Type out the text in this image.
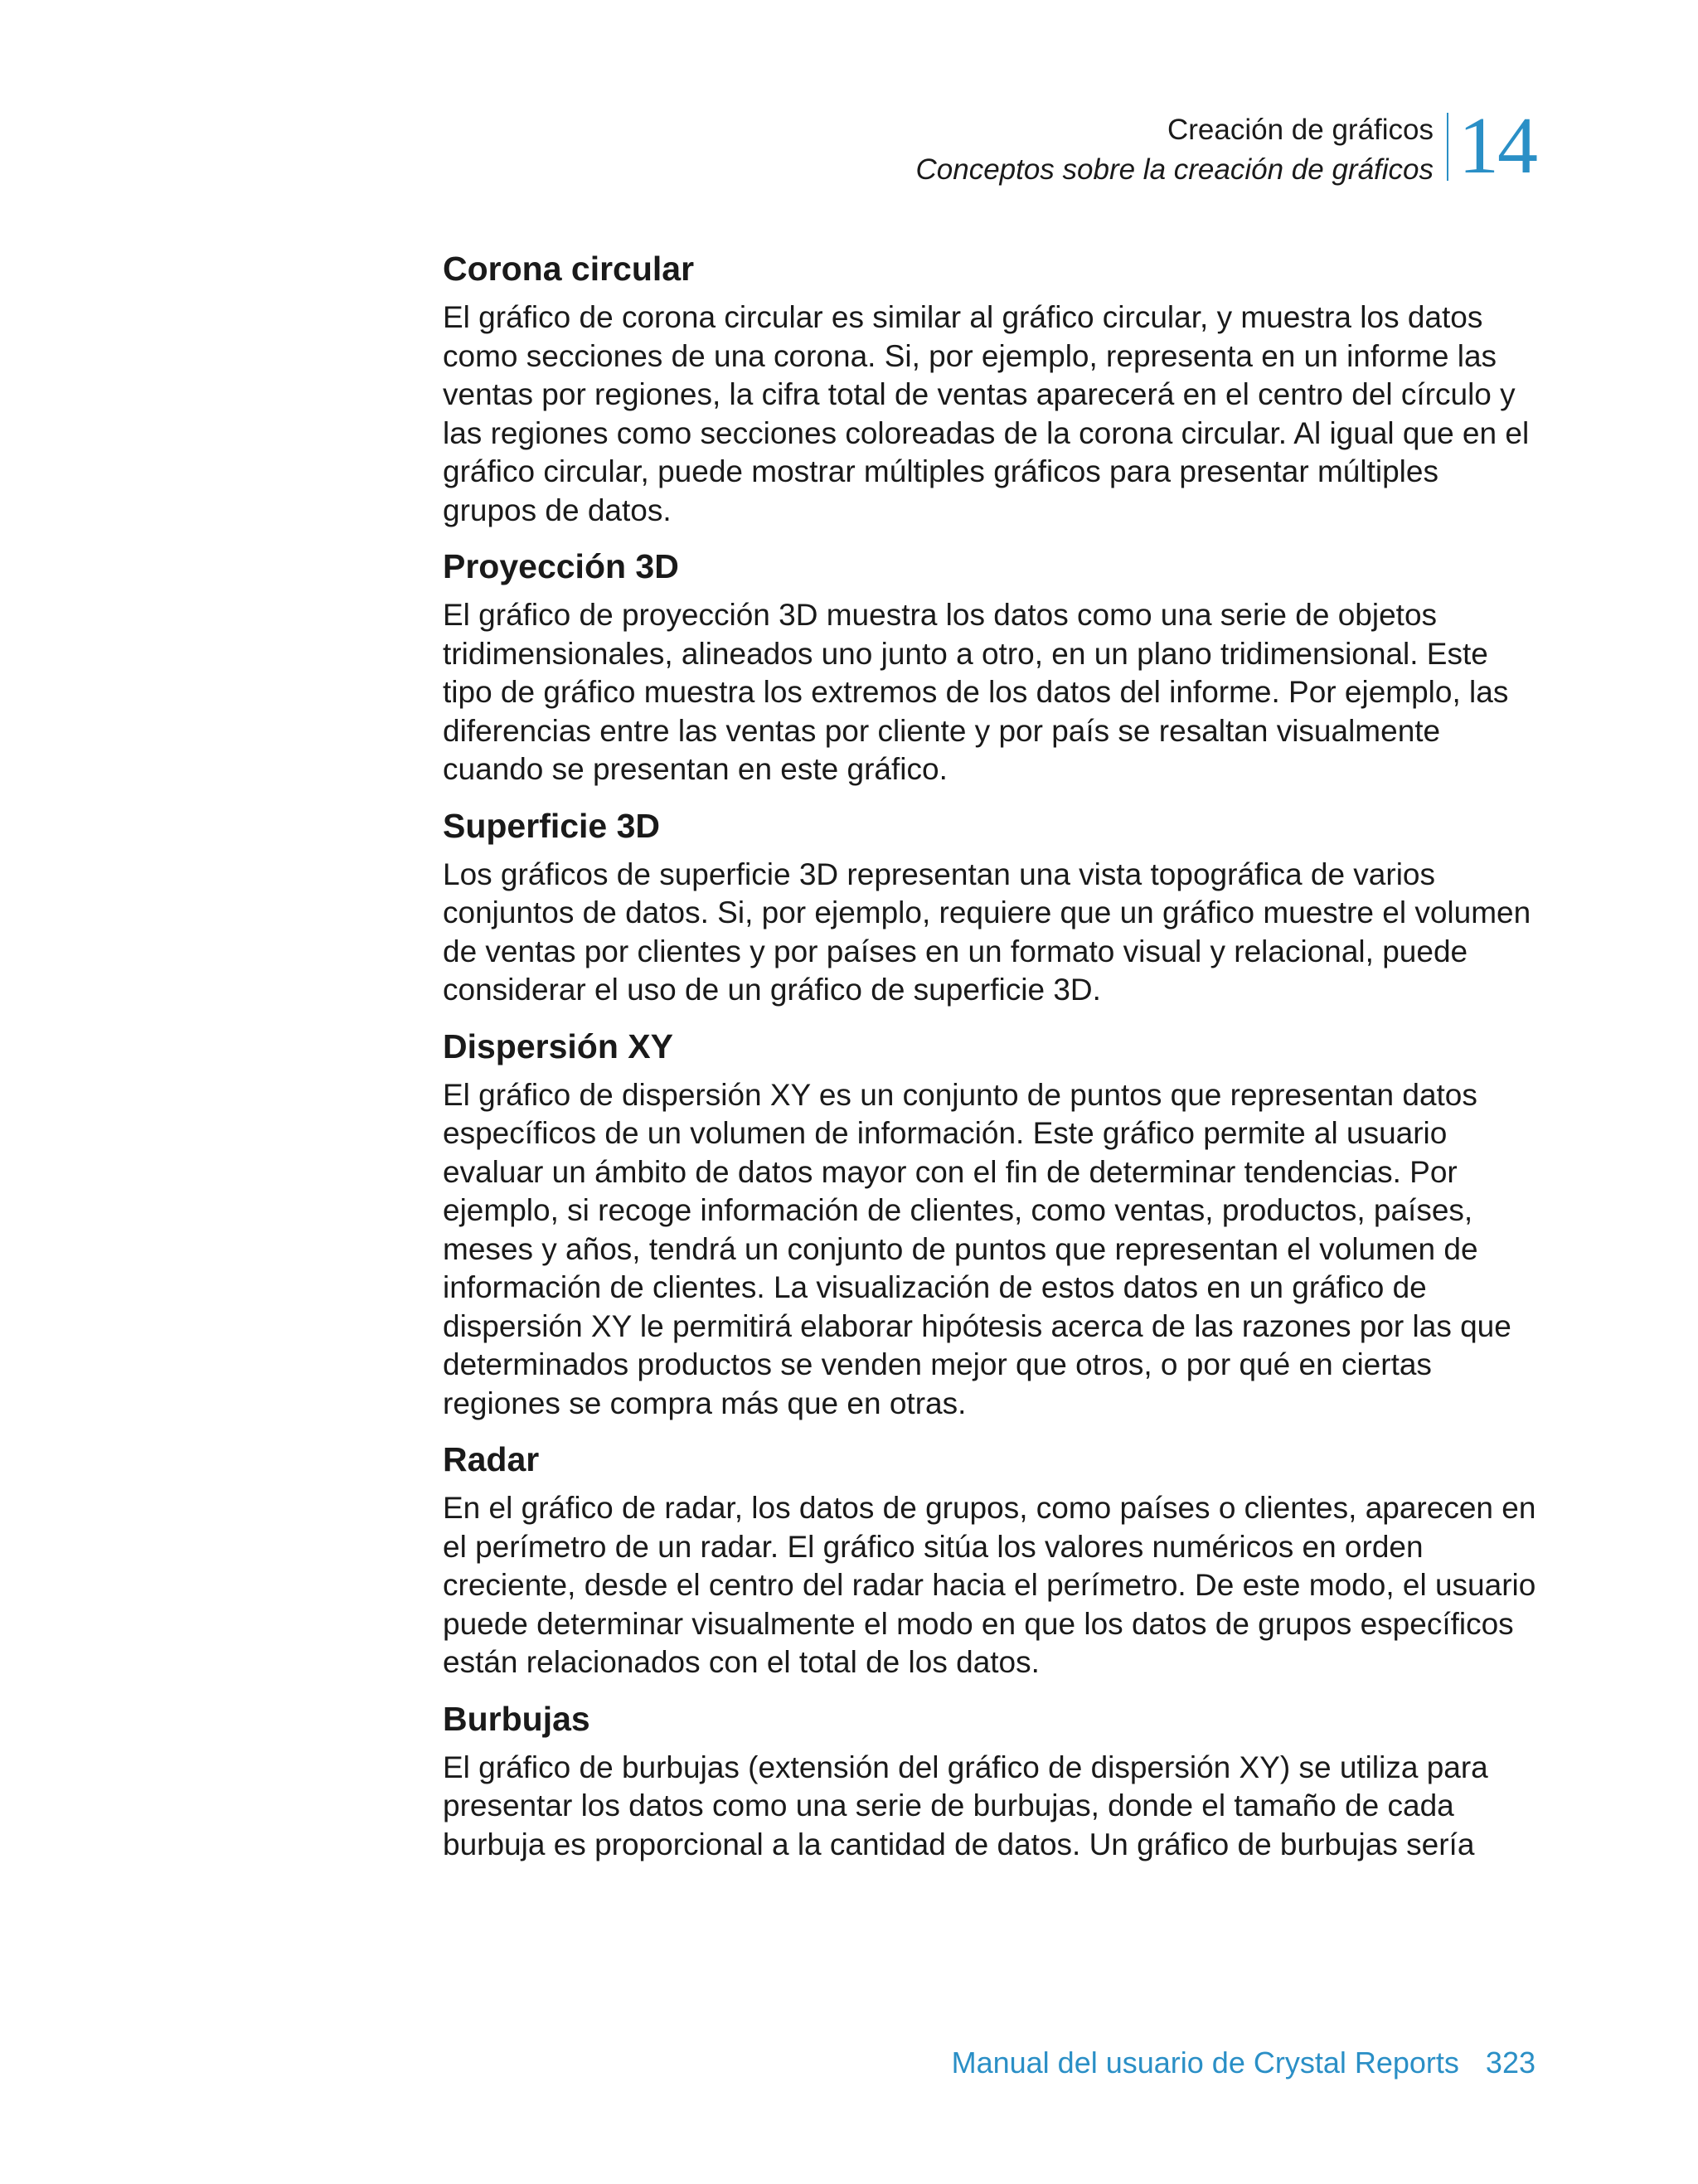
Creación de gráficos
Conceptos sobre la creación de gráficos 14
Corona circular

El gráfico de corona circular es similar al gráfico circular, y muestra los datos como secciones de una corona. Si, por ejemplo, representa en un informe las ventas por regiones, la cifra total de ventas aparecerá en el centro del círculo y las regiones como secciones coloreadas de la corona circular. Al igual que en el gráfico circular, puede mostrar múltiples gráficos para presentar múltiples grupos de datos.

Proyección 3D

El gráfico de proyección 3D muestra los datos como una serie de objetos tridimensionales, alineados uno junto a otro, en un plano tridimensional. Este tipo de gráfico muestra los extremos de los datos del informe. Por ejemplo, las diferencias entre las ventas por cliente y por país se resaltan visualmente cuando se presentan en este gráfico.

Superficie 3D

Los gráficos de superficie 3D representan una vista topográfica de varios conjuntos de datos. Si, por ejemplo, requiere que un gráfico muestre el volumen de ventas por clientes y por países en un formato visual y relacional, puede considerar el uso de un gráfico de superficie 3D.

Dispersión XY

El gráfico de dispersión XY es un conjunto de puntos que representan datos específicos de un volumen de información. Este gráfico permite al usuario evaluar un ámbito de datos mayor con el fin de determinar tendencias. Por ejemplo, si recoge información de clientes, como ventas, productos, países, meses y años, tendrá un conjunto de puntos que representan el volumen de información de clientes. La visualización de estos datos en un gráfico de dispersión XY le permitirá elaborar hipótesis acerca de las razones por las que determinados productos se venden mejor que otros, o por qué en ciertas regiones se compra más que en otras.

Radar

En el gráfico de radar, los datos de grupos, como países o clientes, aparecen en el perímetro de un radar. El gráfico sitúa los valores numéricos en orden creciente, desde el centro del radar hacia el perímetro. De este modo, el usuario puede determinar visualmente el modo en que los datos de grupos específicos están relacionados con el total de los datos.

Burbujas

El gráfico de burbujas (extensión del gráfico de dispersión XY) se utiliza para presentar los datos como una serie de burbujas, donde el tamaño de cada burbuja es proporcional a la cantidad de datos. Un gráfico de burbujas sería

Manual del usuario de Crystal Reports 323
